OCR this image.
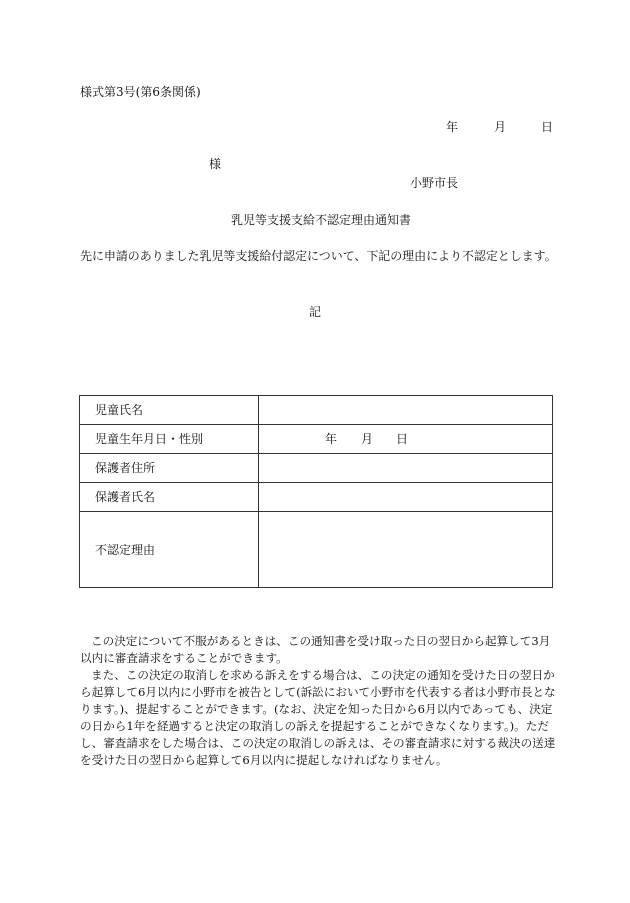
様式第3号(第6条関係)
年	月	日
様
小野市長
乳児等支援支給不認定理由通知書
先に申請のありました乳児等支援給付認定について、下記の理由により不認定とします。
記
児童氏名	
児童生年月日・性別	年 月 日

保護者住所	
保護者氏名	
不認定理由	

この決定について不服があるときは、この通知書を受け取った日の翌日から起算して3月以内に審査請求をすることができます。

また、この決定の取消しを求める訴えをする場合は、この決定の通知を受けた日の翌日から起算して6月以内に小野市を被告として(訴訟において小野市を代表する者は小野市長となります。)、提起することができます。(なお、決定を知った日から6月以内であっても、決定の日から1年を経過すると決定の取消しの訴えを提起することができなくなります。)。ただし、審査請求をした場合は、この決定の取消しの訴えは、その審査請求に対する裁決の送達を受けた日の翌日から起算して6月以内に提起しなければなりません。
